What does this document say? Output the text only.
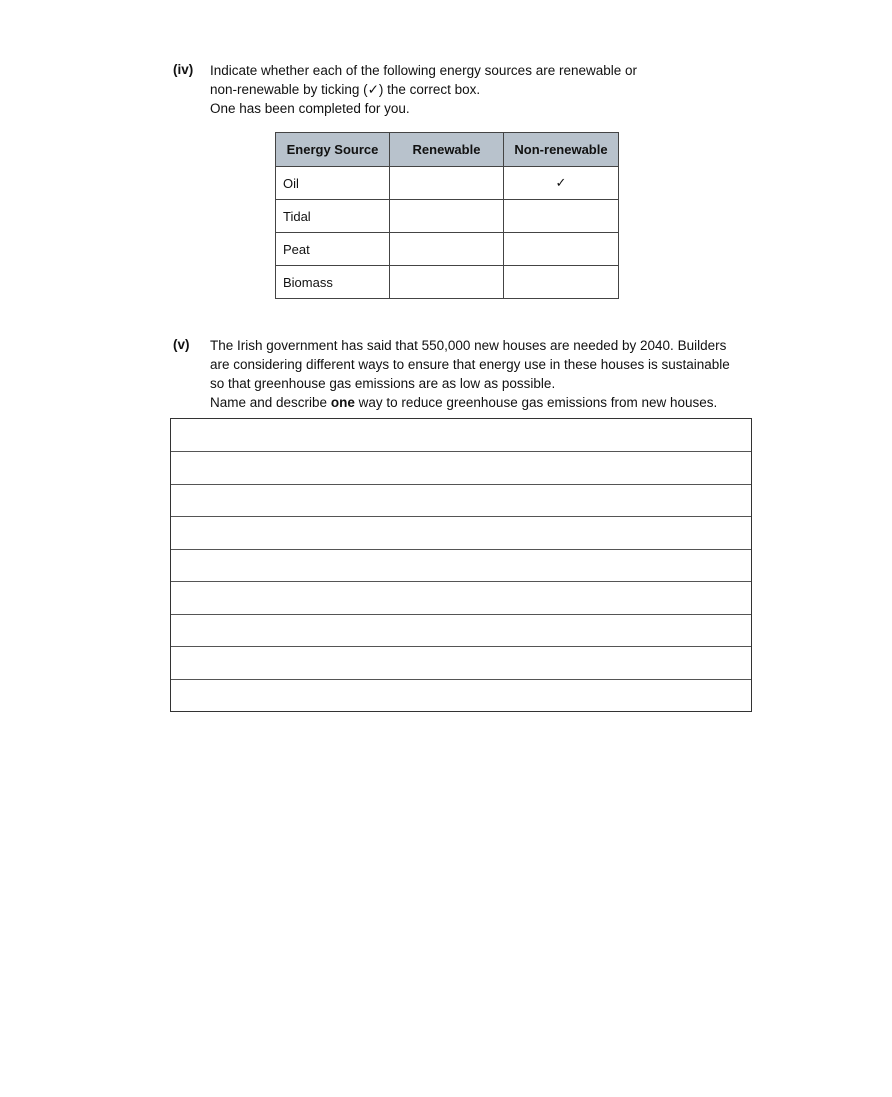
(iv) Indicate whether each of the following energy sources are renewable or
non-renewable by ticking (✓) the correct box.
One has been completed for you.
Energy Source	Renewable	Non-renewable
Oil		✓
Tidal		
Peat		
Biomass		
(v) The Irish government has said that 550,000 new houses are needed by 2040. Builders
are considering different ways to ensure that energy use in these houses is sustainable
so that greenhouse gas emissions are as low as possible.
Name and describe one way to reduce greenhouse gas emissions from new houses.
